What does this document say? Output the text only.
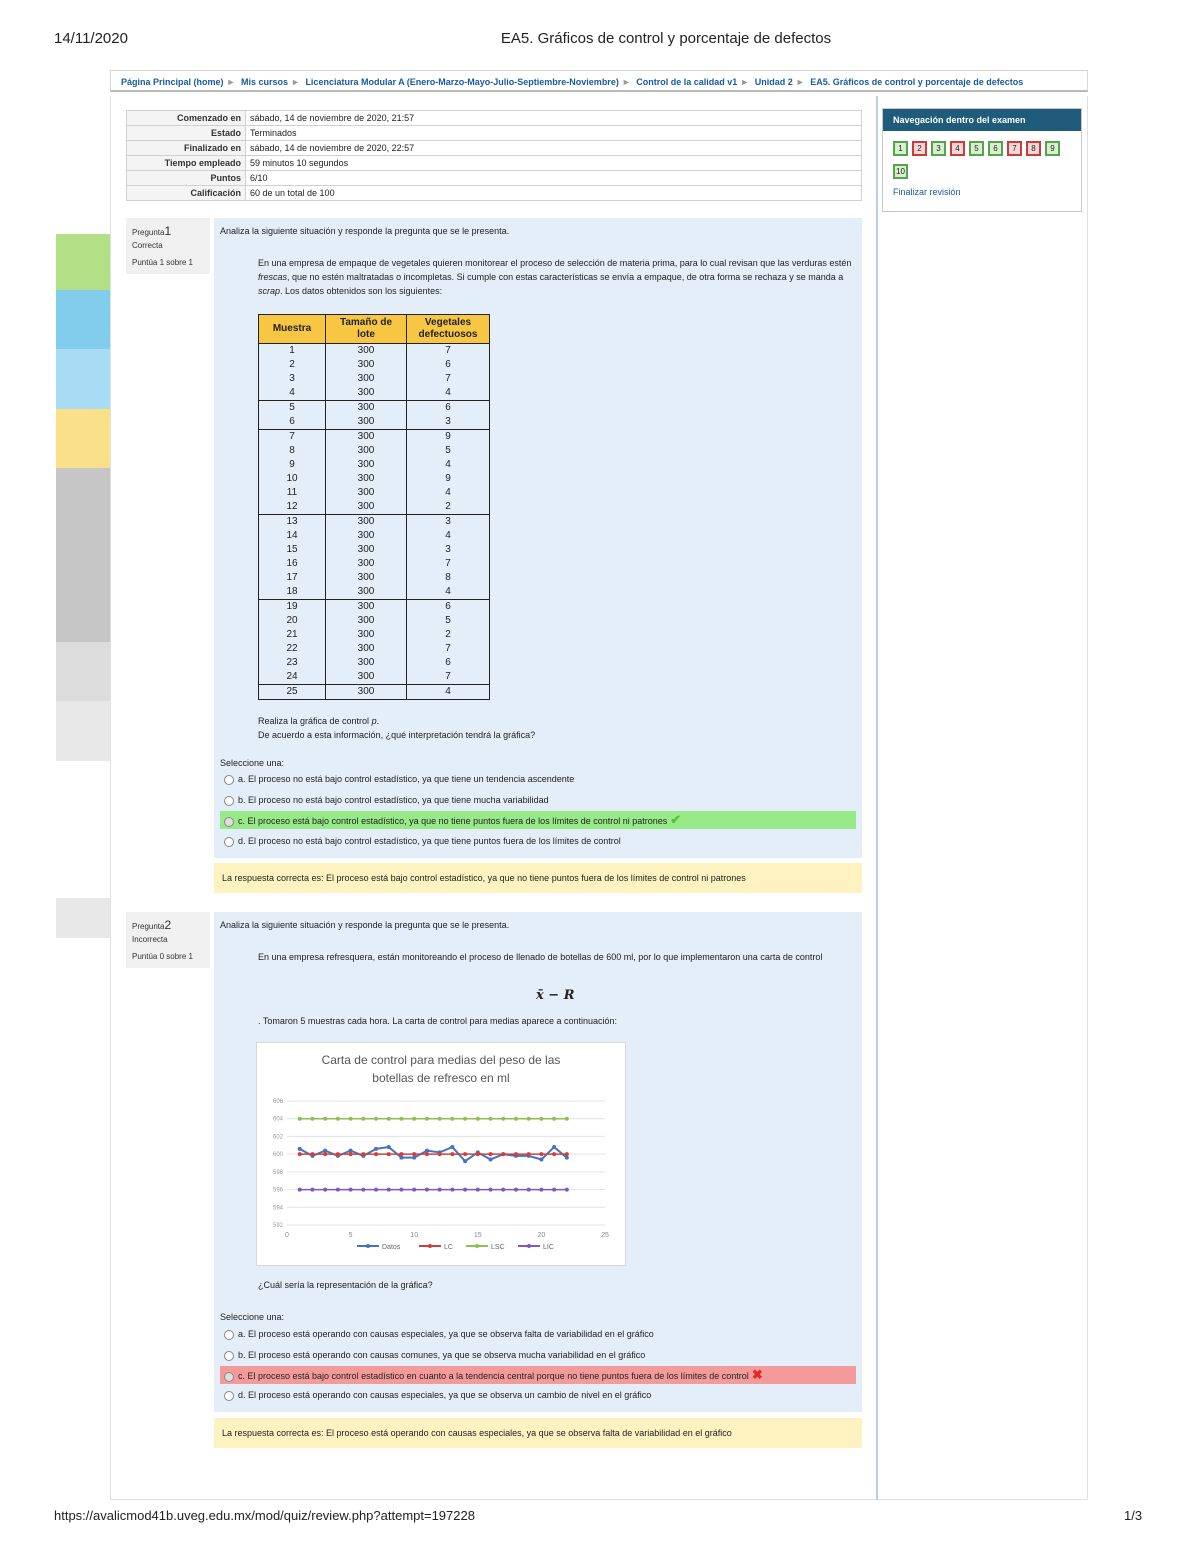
14/11/2020	EA5. Gráficos de control y porcentaje de defectos
Página Principal (home) ► Mis cursos ► Licenciatura Modular A (Enero-Marzo-Mayo-Julio-Septiembre-Noviembre) ► Control de la calidad v1 ► Unidad 2 ► EA5. Gráficos de control y porcentaje de defectos
Comenzado en	sábado, 14 de noviembre de 2020, 21:57
Estado	Terminados
Finalizado en	sábado, 14 de noviembre de 2020, 22:57
Tiempo empleado	59 minutos 10 segundos
Puntos	6/10
Calificación	60 de un total de 100
Navegación dentro del examen
1	2	3	4	5	6	7	8	9
10
Finalizar revisión
Pregunta1
Correcta
Puntúa 1 sobre 1
Analiza la siguiente situación y responde la pregunta que se le presenta.
En una empresa de empaque de vegetales quieren monitorear el proceso de selección de materia prima, para lo cual revisan que las verduras estén frescas, que no estén maltratadas o incompletas. Si cumple con estas características se envía a empaque, de otra forma se rechaza y se manda a scrap. Los datos obtenidos son los siguientes:
Muestra	Tamaño de lote	Vegetales defectuosos
1	300	7
2	300	6
3	300	7
4	300	4
5	300	6
6	300	3
7	300	9
8	300	5
9	300	4
10	300	9
11	300	4
12	300	2
13	300	3
14	300	4
15	300	3
16	300	7
17	300	8
18	300	4
19	300	6
20	300	5
21	300	2
22	300	7
23	300	6
24	300	7
25	300	4
Realiza la gráfica de control p.
De acuerdo a esta información, ¿qué interpretación tendrá la gráfica?
Seleccione una:
a. El proceso no está bajo control estadístico, ya que tiene un tendencia ascendente
b. El proceso no está bajo control estadístico, ya que tiene mucha variabilidad
c. El proceso está bajo control estadístico, ya que no tiene puntos fuera de los límites de control ni patrones ✔
d. El proceso no está bajo control estadístico, ya que tiene puntos fuera de los límites de control
La respuesta correcta es: El proceso está bajo control estadístico, ya que no tiene puntos fuera de los límites de control ni patrones
Pregunta2
Incorrecta
Puntúa 0 sobre 1
Analiza la siguiente situación y responde la pregunta que se le presenta.
En una empresa refresquera, están monitoreando el proceso de llenado de botellas de 600 ml, por lo que implementaron una carta de control
x̄ − R
. Tomaron 5 muestras cada hora. La carta de control para medias aparece a continuación:
Carta de control para medias del peso de las
botellas de refresco en ml
606
604
602
600
598
596
594
592
0	5	10	15	20	25
Datos	LC	LSC	LIC
¿Cuál sería la representación de la gráfica?
Seleccione una:
a. El proceso está operando con causas especiales, ya que se observa falta de variabilidad en el gráfico
b. El proceso está operando con causas comunes, ya que se observa mucha variabilidad en el gráfico
c. El proceso está bajo control estadístico en cuanto a la tendencia central porque no tiene puntos fuera de los límites de control ✖
d. El proceso está operando con causas especiales, ya que se observa un cambio de nivel en el gráfico
La respuesta correcta es: El proceso está operando con causas especiales, ya que se observa falta de variabilidad en el gráfico
https://avalicmod41b.uveg.edu.mx/mod/quiz/review.php?attempt=197228	1/3
